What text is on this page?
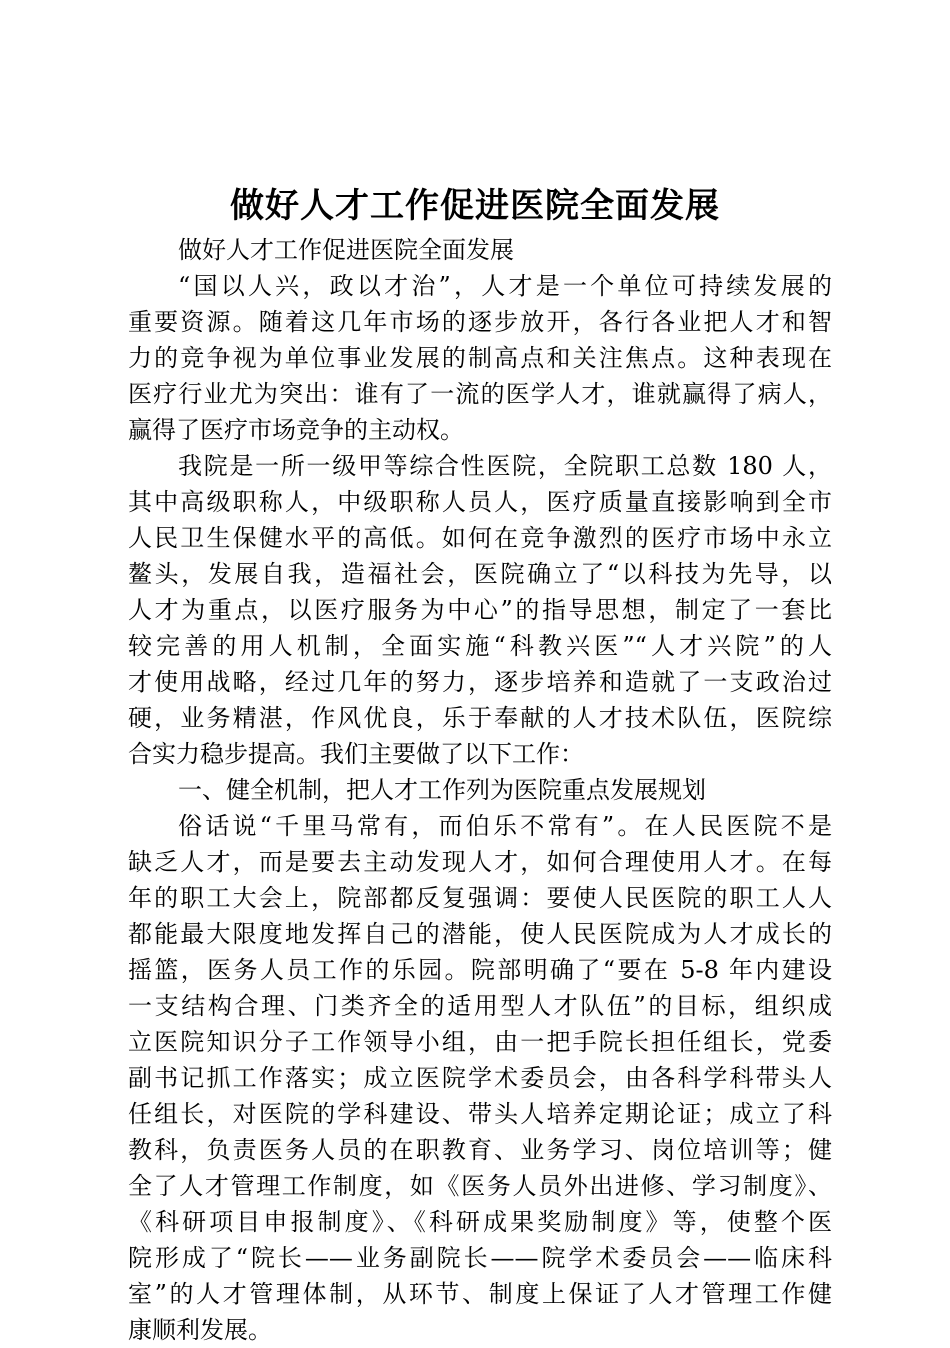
做好人才工作促进医院全面发展
做好人才工作促进医院全面发展
“国以人兴，政以才治”，人才是一个单位可持续发展的
重要资源。随着这几年市场的逐步放开，各行各业把人才和智
力的竞争视为单位事业发展的制高点和关注焦点。这种表现在
医疗行业尤为突出：谁有了一流的医学人才，谁就赢得了病人，
赢得了医疗市场竞争的主动权。
我院是一所一级甲等综合性医院，全院职工总数 180 人，
其中高级职称人，中级职称人员人，医疗质量直接影响到全市
人民卫生保健水平的高低。如何在竞争激烈的医疗市场中永立
鳌头，发展自我，造福社会，医院确立了“以科技为先导，以
人才为重点，以医疗服务为中心”的指导思想，制定了一套比
较完善的用人机制，全面实施“科教兴医”“人才兴院”的人
才使用战略，经过几年的努力，逐步培养和造就了一支政治过
硬，业务精湛，作风优良，乐于奉献的人才技术队伍，医院综
合实力稳步提高。我们主要做了以下工作：
一、健全机制，把人才工作列为医院重点发展规划
俗话说“千里马常有，而伯乐不常有”。在人民医院不是
缺乏人才，而是要去主动发现人才，如何合理使用人才。在每
年的职工大会上，院部都反复强调：要使人民医院的职工人人
都能最大限度地发挥自己的潜能，使人民医院成为人才成长的
摇篮，医务人员工作的乐园。院部明确了“要在 5-8 年内建设
一支结构合理、门类齐全的适用型人才队伍”的目标，组织成
立医院知识分子工作领导小组，由一把手院长担任组长，党委
副书记抓工作落实；成立医院学术委员会，由各科学科带头人
任组长，对医院的学科建设、带头人培养定期论证；成立了科
教科，负责医务人员的在职教育、业务学习、岗位培训等；健
全了人才管理工作制度，如《医务人员外出进修、学习制度》、
《科研项目申报制度》、《科研成果奖励制度》等，使整个医
院形成了“院长——业务副院长——院学术委员会——临床科
室”的人才管理体制，从环节、制度上保证了人才管理工作健
康顺利发展。
